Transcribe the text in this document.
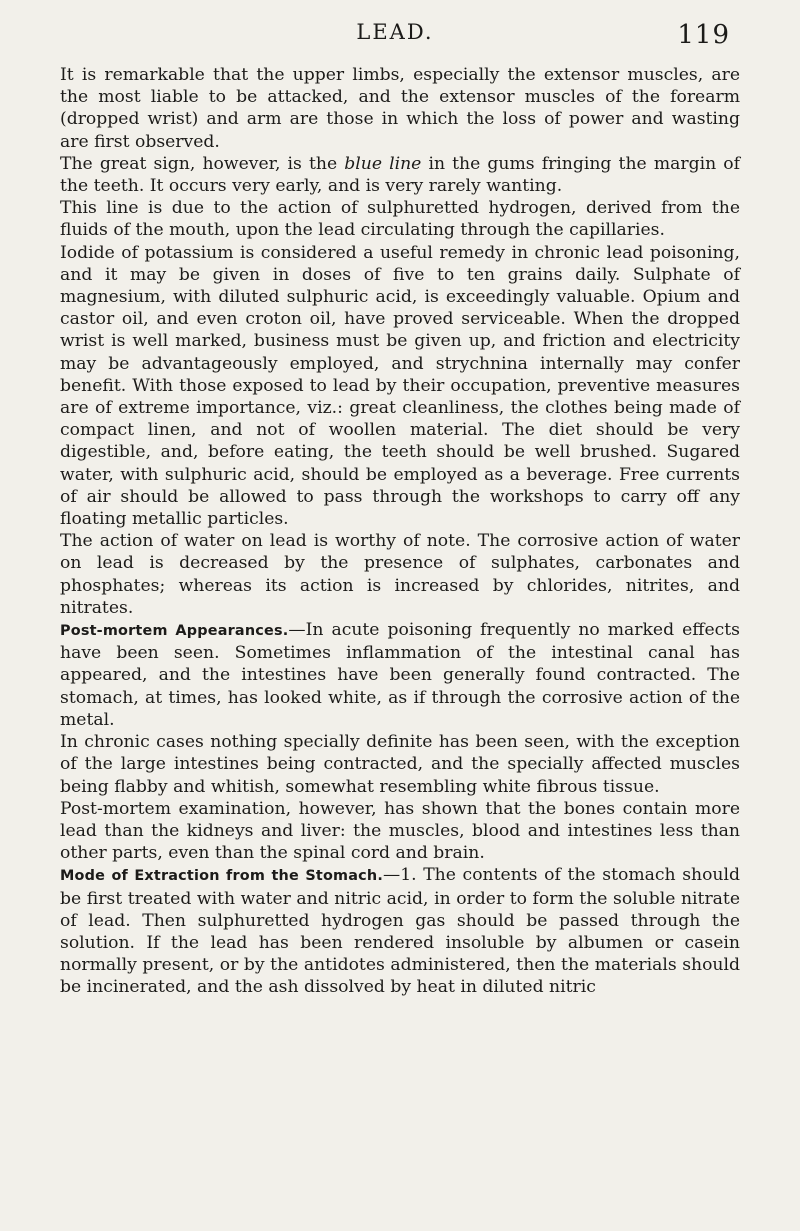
LEAD.	119

It is remarkable that the upper limbs, especially the extensor muscles, are the most liable to be attacked, and the extensor muscles of the forearm (dropped wrist) and arm are those in which the loss of power and wasting are first observed.

The great sign, however, is the blue line in the gums fringing the margin of the teeth. It occurs very early, and is very rarely wanting.

This line is due to the action of sulphuretted hydrogen, derived from the fluids of the mouth, upon the lead circulating through the capillaries.

Iodide of potassium is considered a useful remedy in chronic lead poisoning, and it may be given in doses of five to ten grains daily. Sulphate of magnesium, with diluted sulphuric acid, is exceedingly valuable. Opium and castor oil, and even croton oil, have proved serviceable. When the dropped wrist is well marked, business must be given up, and friction and electricity may be advantageously employed, and strychnina internally may confer benefit. With those exposed to lead by their occupation, preventive measures are of extreme importance, viz.: great cleanliness, the clothes being made of compact linen, and not of woollen material. The diet should be very digestible, and, before eating, the teeth should be well brushed. Sugared water, with sulphuric acid, should be employed as a beverage. Free currents of air should be allowed to pass through the workshops to carry off any floating metallic particles.

The action of water on lead is worthy of note. The corrosive action of water on lead is decreased by the presence of sulphates, carbonates and phosphates; whereas its action is increased by chlorides, nitrites, and nitrates.

Post-mortem Appearances.—In acute poisoning frequently no marked effects have been seen. Sometimes inflammation of the intestinal canal has appeared, and the intestines have been generally found contracted. The stomach, at times, has looked white, as if through the corrosive action of the metal.

In chronic cases nothing specially definite has been seen, with the exception of the large intestines being contracted, and the specially affected muscles being flabby and whitish, somewhat resembling white fibrous tissue.

Post-mortem examination, however, has shown that the bones contain more lead than the kidneys and liver: the muscles, blood and intestines less than other parts, even than the spinal cord and brain.

Mode of Extraction from the Stomach.—1. The contents of the stomach should be first treated with water and nitric acid, in order to form the soluble nitrate of lead. Then sulphuretted hydrogen gas should be passed through the solution. If the lead has been rendered insoluble by albumen or casein normally present, or by the antidotes administered, then the materials should be incinerated, and the ash dissolved by heat in diluted nitric
